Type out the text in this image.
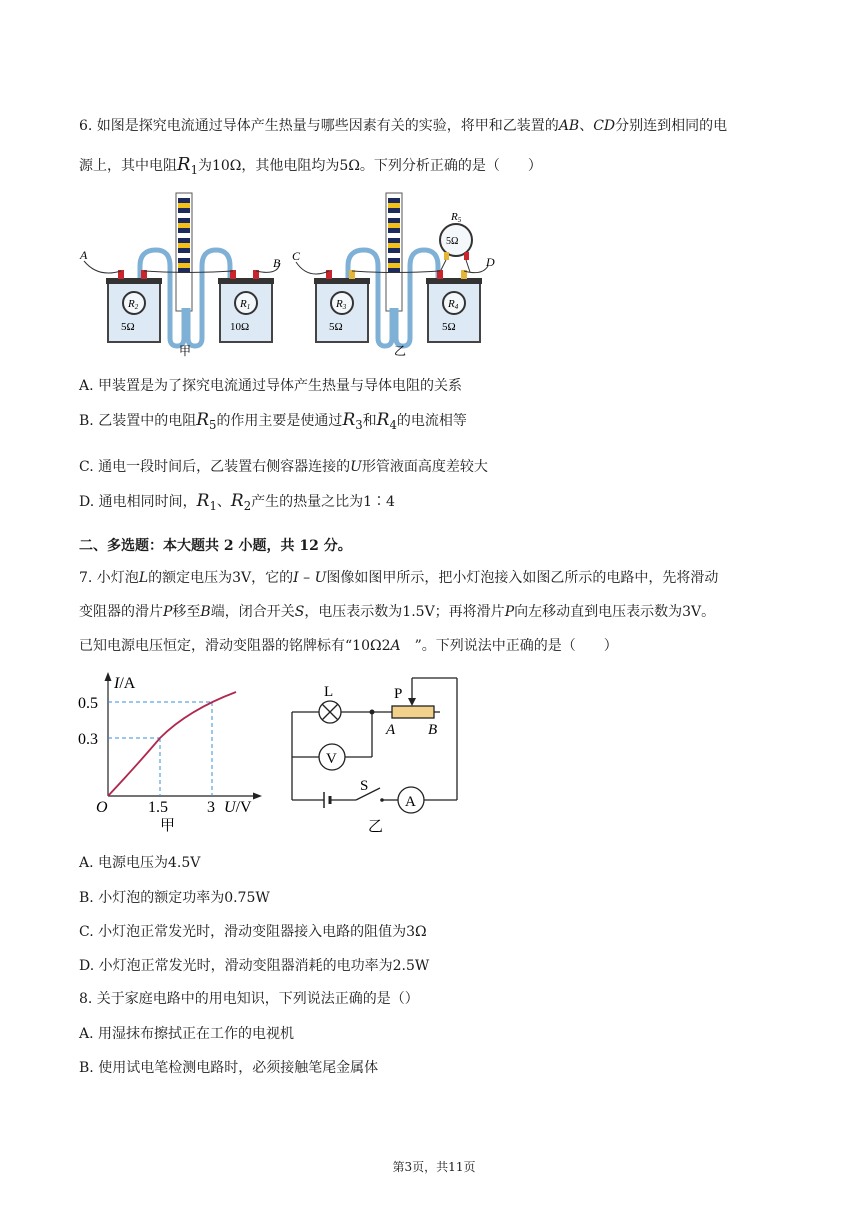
6. 如图是探究电流通过导体产生热量与哪些因素有关的实验，将甲和乙装置的AB、CD分别连到相同的电
源上，其中电阻$R_1$为10Ω，其他电阻均为5Ω。下列分析正确的是（　　）
R2	R1
5Ω	10Ω
A
B
甲
R3	R4
5Ω	5Ω
5Ω
R5
C	D
乙
A. 甲装置是为了探究电流通过导体产生热量与导体电阻的关系
B. 乙装置中的电阻$R_5$的作用主要是使通过$R_3$和$R_4$的电流相等
C. 通电一段时间后，乙装置右侧容器连接的U形管液面高度差较大
D. 通电相同时间，$R_1$、$R_2$产生的热量之比为1∶4
二、多选题：本大题共 2 小题，共 12 分。
7. 小灯泡L的额定电压为3V，它的I – U图像如图甲所示，把小灯泡接入如图乙所示的电路中，先将滑动
变阻器的滑片P移至B端，闭合开关S，电压表示数为1.5V；再将滑片P向左移动直到电压表示数为3V。
已知电源电压恒定，滑动变阻器的铭牌标有“10Ω2A　”。下列说法中正确的是（　　）
I/A
0.5
0.3
O	1.5 3 U/V
甲
V
A
L	P
A B
S
乙
A. 电源电压为4.5V
B. 小灯泡的额定功率为0.75W
C. 小灯泡正常发光时，滑动变阻器接入电路的阻值为3Ω
D. 小灯泡正常发光时，滑动变阻器消耗的电功率为2.5W
8. 关于家庭电路中的用电知识，下列说法正确的是（）
A. 用湿抹布擦拭正在工作的电视机
B. 使用试电笔检测电路时，必须接触笔尾金属体
第3页，共11页
